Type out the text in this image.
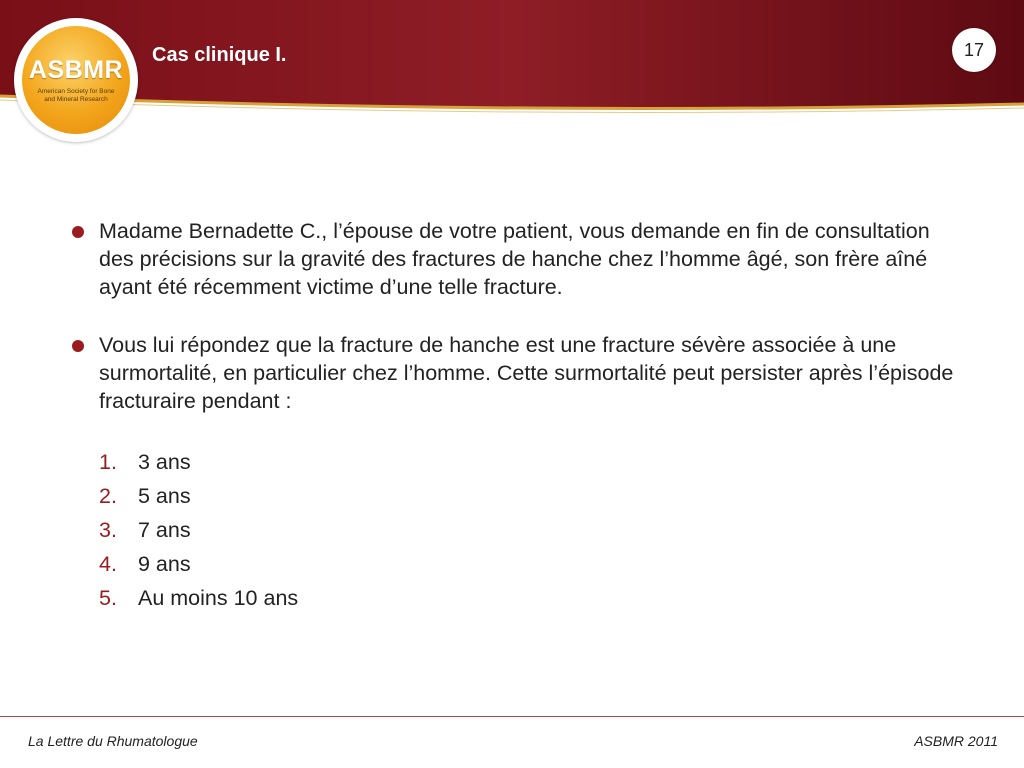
Cas clinique I.	17
ASBMR
American Society for Bone and Mineral Research
Madame Bernadette C., l’épouse de votre patient, vous demande en fin de consultation des précisions sur la gravité des fractures de hanche chez l’homme âgé, son frère aîné ayant été récemment victime d’une telle fracture.
Vous lui répondez que la fracture de hanche est une fracture sévère associée à une surmortalité, en particulier chez l’homme. Cette surmortalité peut persister après l’épisode fracturaire pendant :
1. 3 ans
2. 5 ans
3. 7 ans
4. 9 ans
5. Au moins 10 ans
La Lettre du Rhumatologue	ASBMR 2011
